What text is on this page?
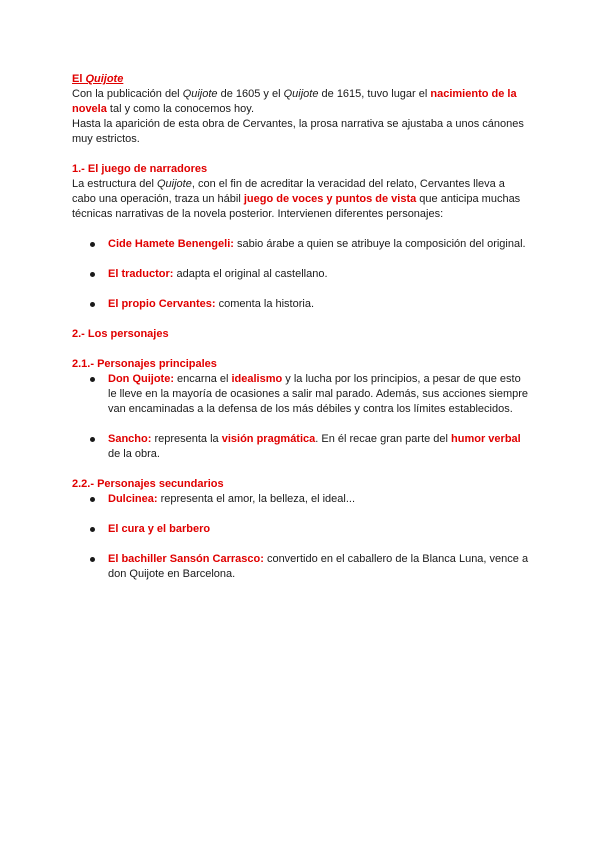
El Quijote

Con la publicación del Quijote de 1605 y el Quijote de 1615, tuvo lugar el nacimiento de la novela tal y como la conocemos hoy.

Hasta la aparición de esta obra de Cervantes, la prosa narrativa se ajustaba a unos cánones muy estrictos.

1.- El juego de narradores

La estructura del Quijote, con el fin de acreditar la veracidad del relato, Cervantes lleva a cabo una operación, traza un hábil juego de voces y puntos de vista que anticipa muchas técnicas narrativas de la novela posterior. Intervienen diferentes personajes:

Cide Hamete Benengeli: sabio árabe a quien se atribuye la composición del original.
El traductor: adapta el original al castellano.
El propio Cervantes: comenta la historia.

2.- Los personajes

2.1.- Personajes principales

Don Quijote: encarna el idealismo y la lucha por los principios, a pesar de que esto le lleve en la mayoría de ocasiones a salir mal parado. Además, sus acciones siempre van encaminadas a la defensa de los más débiles y contra los límites establecidos.
Sancho: representa la visión pragmática. En él recae gran parte del humor verbal de la obra.

2.2.- Personajes secundarios

Dulcinea: representa el amor, la belleza, el ideal...
El cura y el barbero
El bachiller Sansón Carrasco: convertido en el caballero de la Blanca Luna, vence a don Quijote en Barcelona.
